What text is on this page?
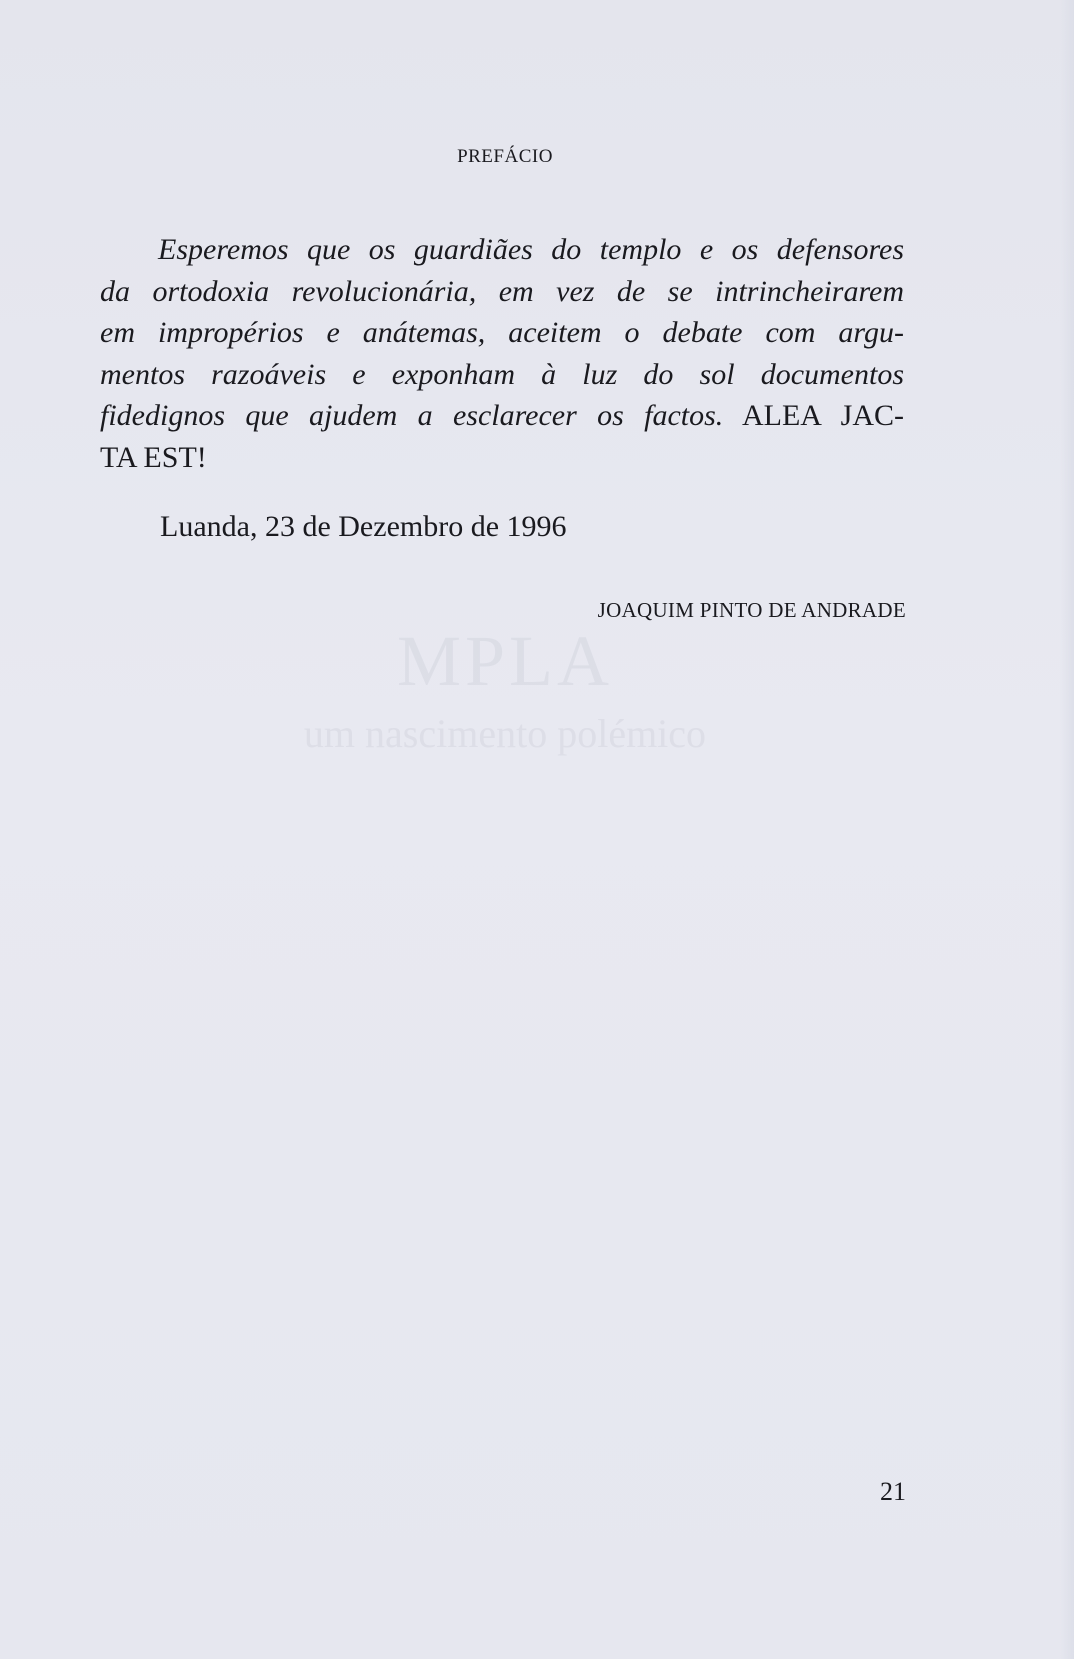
PREFÁCIO
MPLA
um nascimento polémico

Esperemos que os guardiães do templo e os defensores
da ortodoxia revolucionária, em vez de se intrincheirarem
em impropérios e anátemas, aceitem o debate com argu-
mentos razoáveis e exponham à luz do sol documentos
fidedignos que ajudem a esclarecer os factos. ALEA JAC-
TA EST!

Luanda, 23 de Dezembro de 1996
JOAQUIM PINTO DE ANDRADE
21
